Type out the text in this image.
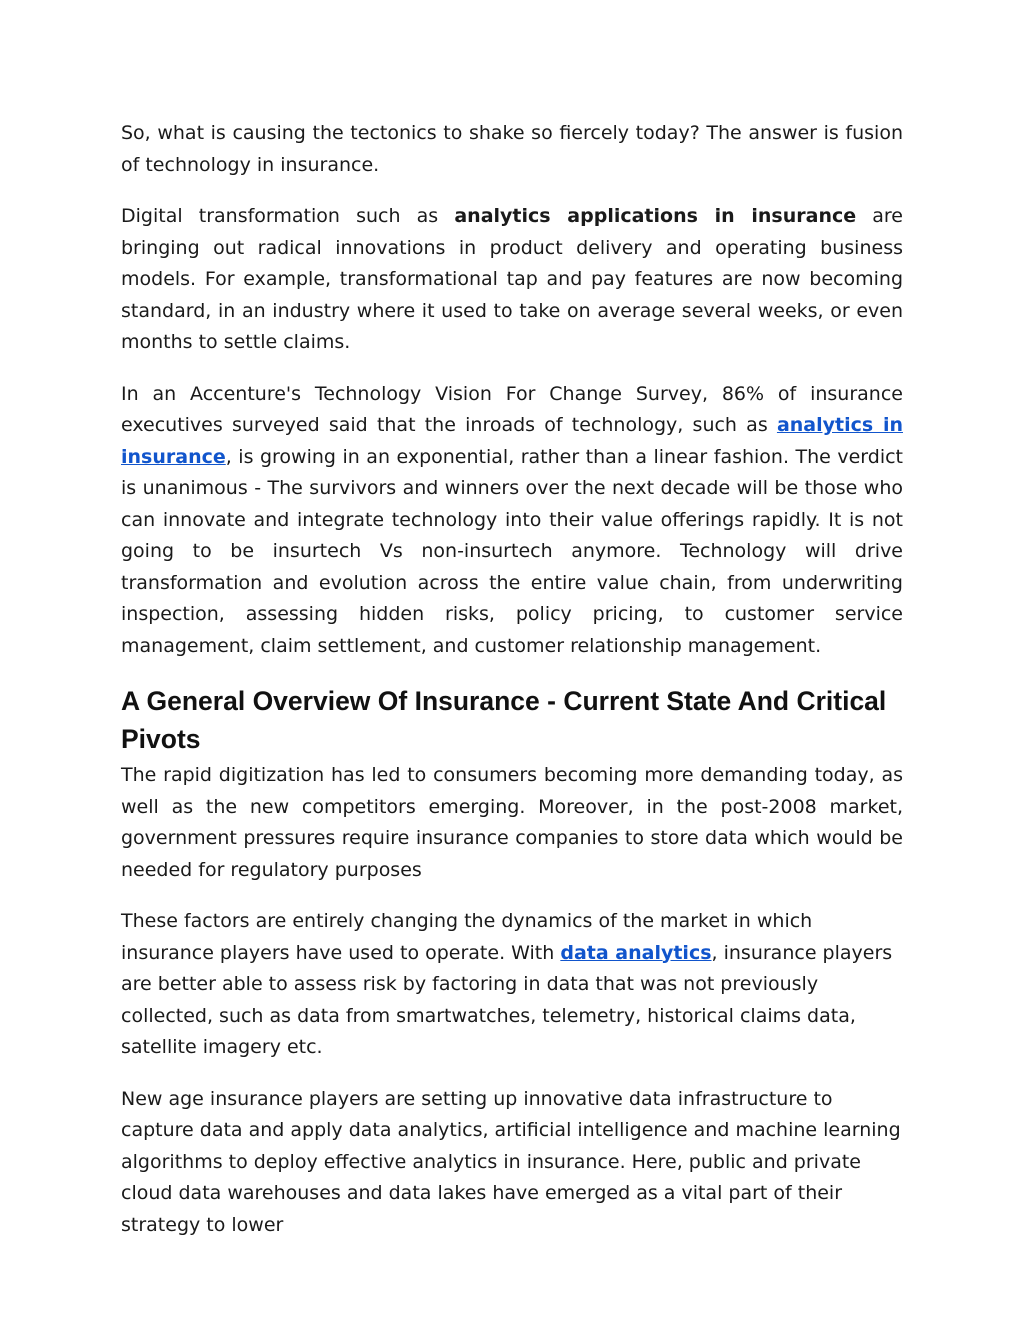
So, what is causing the tectonics to shake so fiercely today? The answer is fusion of technology in insurance.

Digital transformation such as analytics applications in insurance are bringing out radical innovations in product delivery and operating business models. For example, transformational tap and pay features are now becoming standard, in an industry where it used to take on average several weeks, or even months to settle claims.

In an Accenture's Technology Vision For Change Survey, 86% of insurance executives surveyed said that the inroads of technology, such as analytics in insurance, is growing in an exponential, rather than a linear fashion. The verdict is unanimous - The survivors and winners over the next decade will be those who can innovate and integrate technology into their value offerings rapidly. It is not going to be insurtech Vs non-insurtech anymore. Technology will drive transformation and evolution across the entire value chain, from underwriting inspection, assessing hidden risks, policy pricing, to customer service management, claim settlement, and customer relationship management.

A General Overview Of Insurance - Current State And Critical Pivots

The rapid digitization has led to consumers becoming more demanding today, as well as the new competitors emerging. Moreover, in the post-2008 market, government pressures require insurance companies to store data which would be needed for regulatory purposes

These factors are entirely changing the dynamics of the market in which insurance players have used to operate. With data analytics, insurance players are better able to assess risk by factoring in data that was not previously collected, such as data from smartwatches, telemetry, historical claims data, satellite imagery etc.

New age insurance players are setting up innovative data infrastructure to capture data and apply data analytics, artificial intelligence and machine learning algorithms to deploy effective analytics in insurance. Here, public and private cloud data warehouses and data lakes have emerged as a vital part of their strategy to lower
